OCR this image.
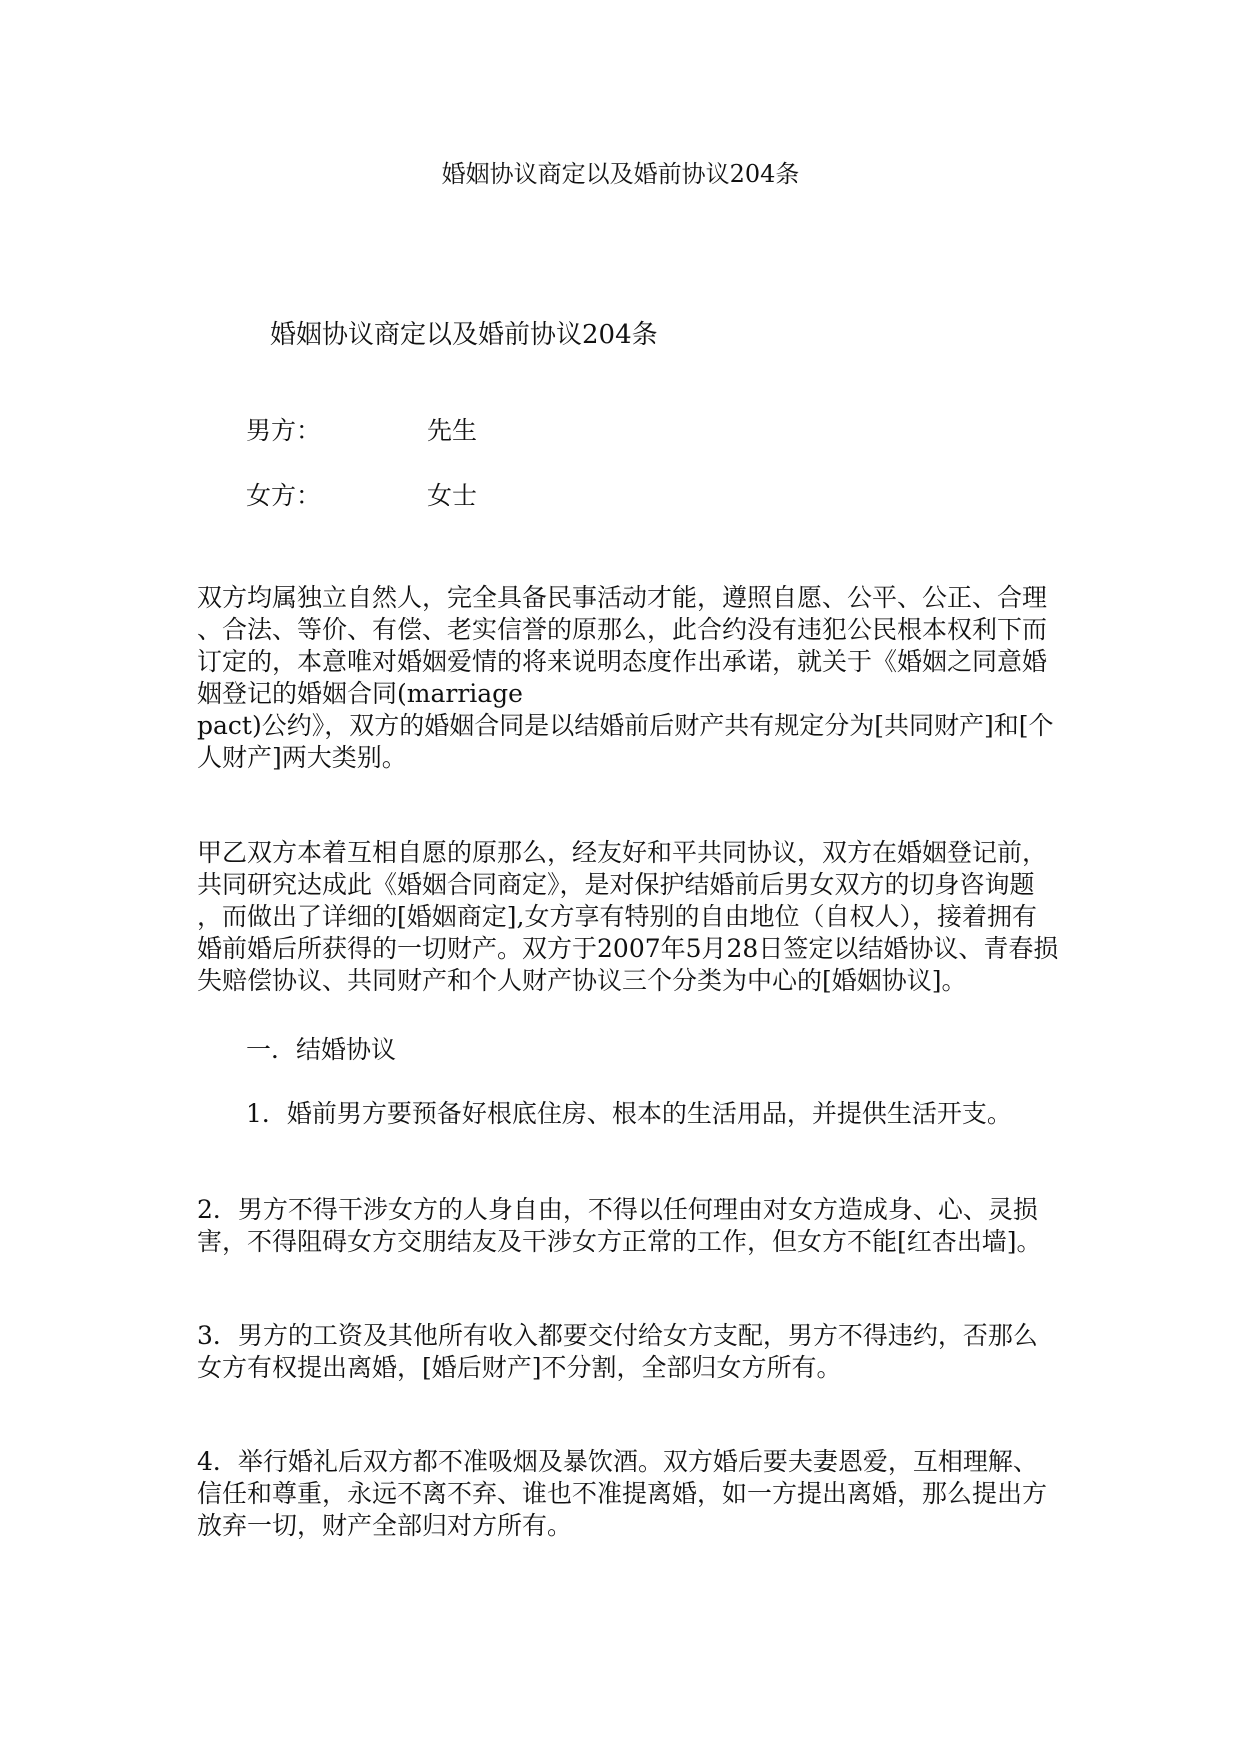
婚姻协议商定以及婚前协议204条
婚姻协议商定以及婚前协议204条
男方：	先生
女方：	女士
双方均属独立自然人，完全具备民事活动才能，遵照自愿、公平、公正、合理
、合法、等价、有偿、老实信誉的原那么，此合约没有违犯公民根本权利下而
订定的，本意唯对婚姻爱情的将来说明态度作出承诺，就关于《婚姻之同意婚
姻登记的婚姻合同(marriage
pact)公约》，双方的婚姻合同是以结婚前后财产共有规定分为[共同财产]和[个
人财产]两大类别。
甲乙双方本着互相自愿的原那么，经友好和平共同协议，双方在婚姻登记前，
共同研究达成此《婚姻合同商定》，是对保护结婚前后男女双方的切身咨询题
，而做出了详细的[婚姻商定],女方享有特别的自由地位（自权人），接着拥有
婚前婚后所获得的一切财产。双方于2007年5月28日签定以结婚协议、青春损
失赔偿协议、共同财产和个人财产协议三个分类为中心的[婚姻协议]。
一．结婚协议
1．婚前男方要预备好根底住房、根本的生活用品，并提供生活开支。
2．男方不得干涉女方的人身自由，不得以任何理由对女方造成身、心、灵损
害，不得阻碍女方交朋结友及干涉女方正常的工作，但女方不能[红杏出墙]。
3．男方的工资及其他所有收入都要交付给女方支配，男方不得违约，否那么
女方有权提出离婚，[婚后财产]不分割，全部归女方所有。
4．举行婚礼后双方都不准吸烟及暴饮酒。双方婚后要夫妻恩爱，互相理解、
信任和尊重，永远不离不弃、谁也不准提离婚，如一方提出离婚，那么提出方
放弃一切，财产全部归对方所有。
